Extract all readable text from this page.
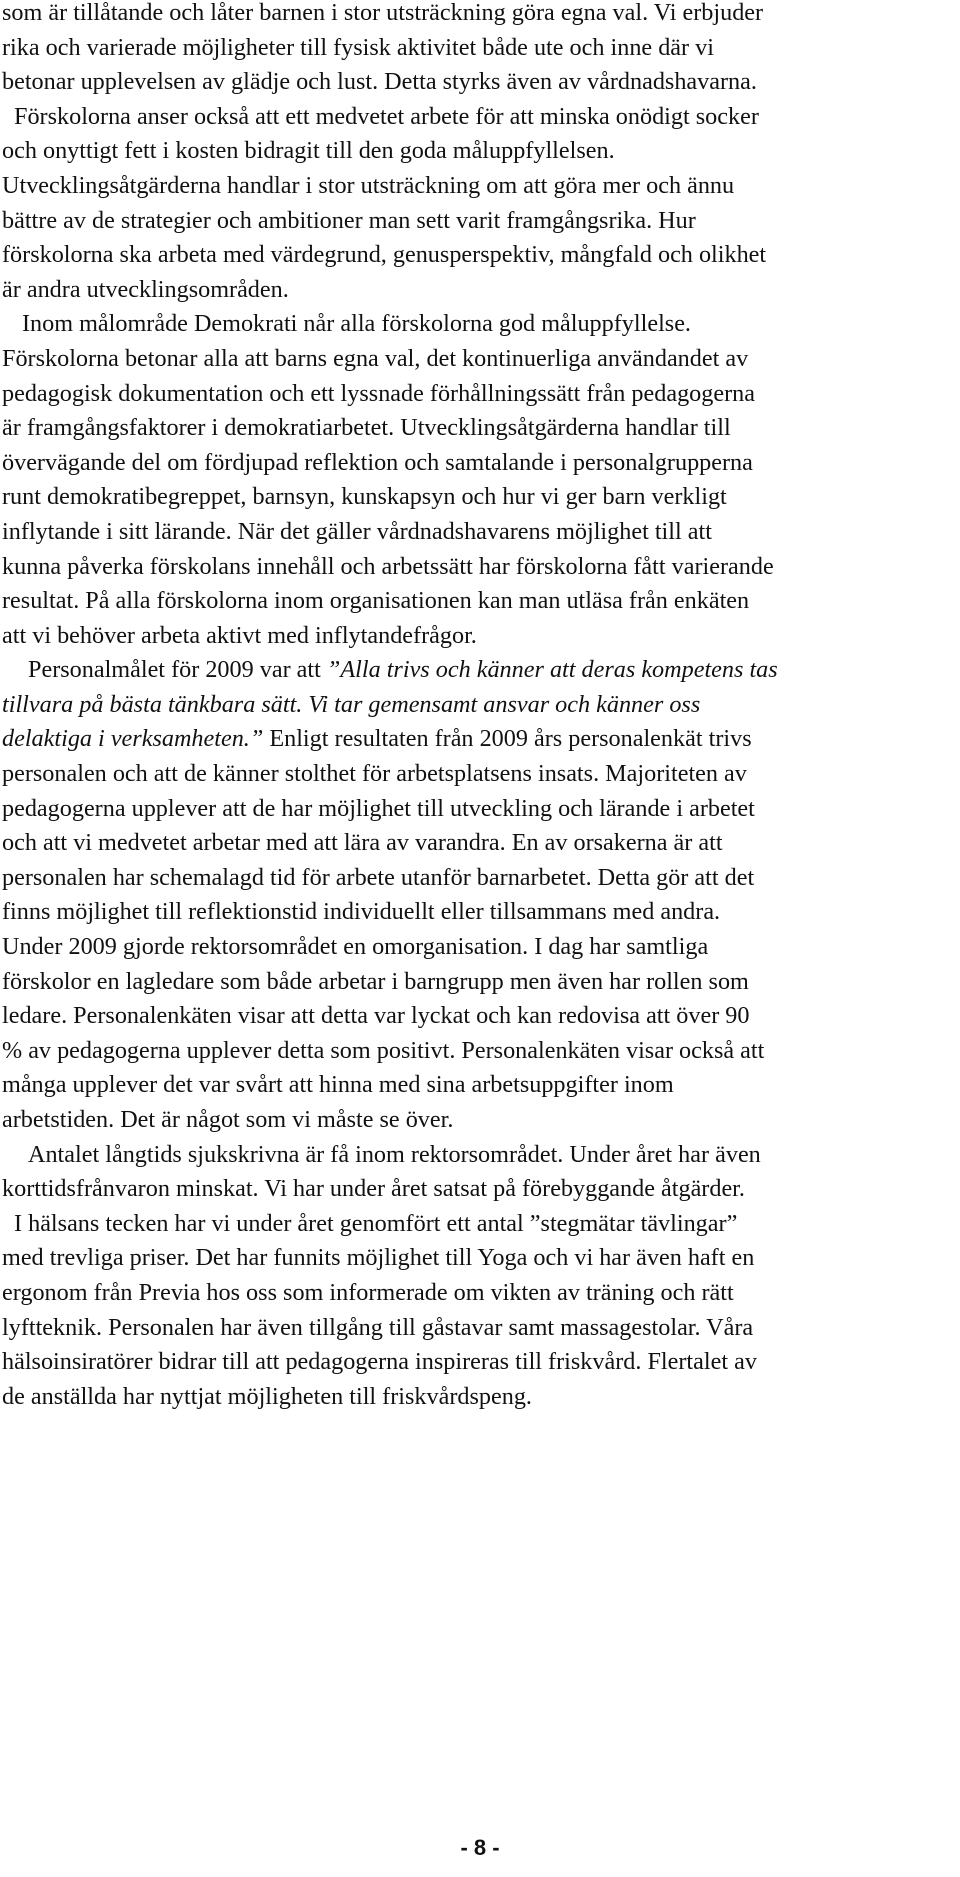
som är tillåtande och låter barnen i stor utsträckning göra egna val. Vi erbjuder
rika och varierade möjligheter till fysisk aktivitet både ute och inne där vi
betonar upplevelsen av glädje och lust. Detta styrks även av vårdnadshavarna.
Förskolorna anser också att ett medvetet arbete för att minska onödigt socker
och onyttigt fett i kosten bidragit till den goda måluppfyllelsen.
Utvecklingsåtgärderna handlar i stor utsträckning om att göra mer och ännu
bättre av de strategier och ambitioner man sett varit framgångsrika. Hur
förskolorna ska arbeta med värdegrund, genusperspektiv, mångfald och olikhet
är andra utvecklingsområden.
Inom målområde Demokrati når alla förskolorna god måluppfyllelse.
Förskolorna betonar alla att barns egna val, det kontinuerliga användandet av
pedagogisk dokumentation och ett lyssnade förhållningssätt från pedagogerna
är framgångsfaktorer i demokratiarbetet. Utvecklingsåtgärderna handlar till
övervägande del om fördjupad reflektion och samtalande i personalgrupperna
runt demokratibegreppet, barnsyn, kunskapsyn och hur vi ger barn verkligt
inflytande i sitt lärande. När det gäller vårdnadshavarens möjlighet till att
kunna påverka förskolans innehåll och arbetssätt har förskolorna fått varierande
resultat. På alla förskolorna inom organisationen kan man utläsa från enkäten
att vi behöver arbeta aktivt med inflytandefrågor.
Personalmålet för 2009 var att ”Alla trivs och känner att deras kompetens tas
tillvara på bästa tänkbara sätt. Vi tar gemensamt ansvar och känner oss
delaktiga i verksamheten.” Enligt resultaten från 2009 års personalenkät trivs
personalen och att de känner stolthet för arbetsplatsens insats. Majoriteten av
pedagogerna upplever att de har möjlighet till utveckling och lärande i arbetet
och att vi medvetet arbetar med att lära av varandra. En av orsakerna är att
personalen har schemalagd tid för arbete utanför barnarbetet. Detta gör att det
finns möjlighet till reflektionstid individuellt eller tillsammans med andra.
Under 2009 gjorde rektorsområdet en omorganisation. I dag har samtliga
förskolor en lagledare som både arbetar i barngrupp men även har rollen som
ledare. Personalenkäten visar att detta var lyckat och kan redovisa att över 90
% av pedagogerna upplever detta som positivt. Personalenkäten visar också att
många upplever det var svårt att hinna med sina arbetsuppgifter inom
arbetstiden. Det är något som vi måste se över.
Antalet långtids sjukskrivna är få inom rektorsområdet. Under året har även
korttidsfrånvaron minskat. Vi har under året satsat på förebyggande åtgärder.
I hälsans tecken har vi under året genomfört ett antal ”stegmätar tävlingar”
med trevliga priser. Det har funnits möjlighet till Yoga och vi har även haft en
ergonom från Previa hos oss som informerade om vikten av träning och rätt
lyftteknik. Personalen har även tillgång till gåstavar samt massagestolar. Våra
hälsoinsiratörer bidrar till att pedagogerna inspireras till friskvård. Flertalet av
de anställda har nyttjat möjligheten till friskvårdspeng.
- 8 -
